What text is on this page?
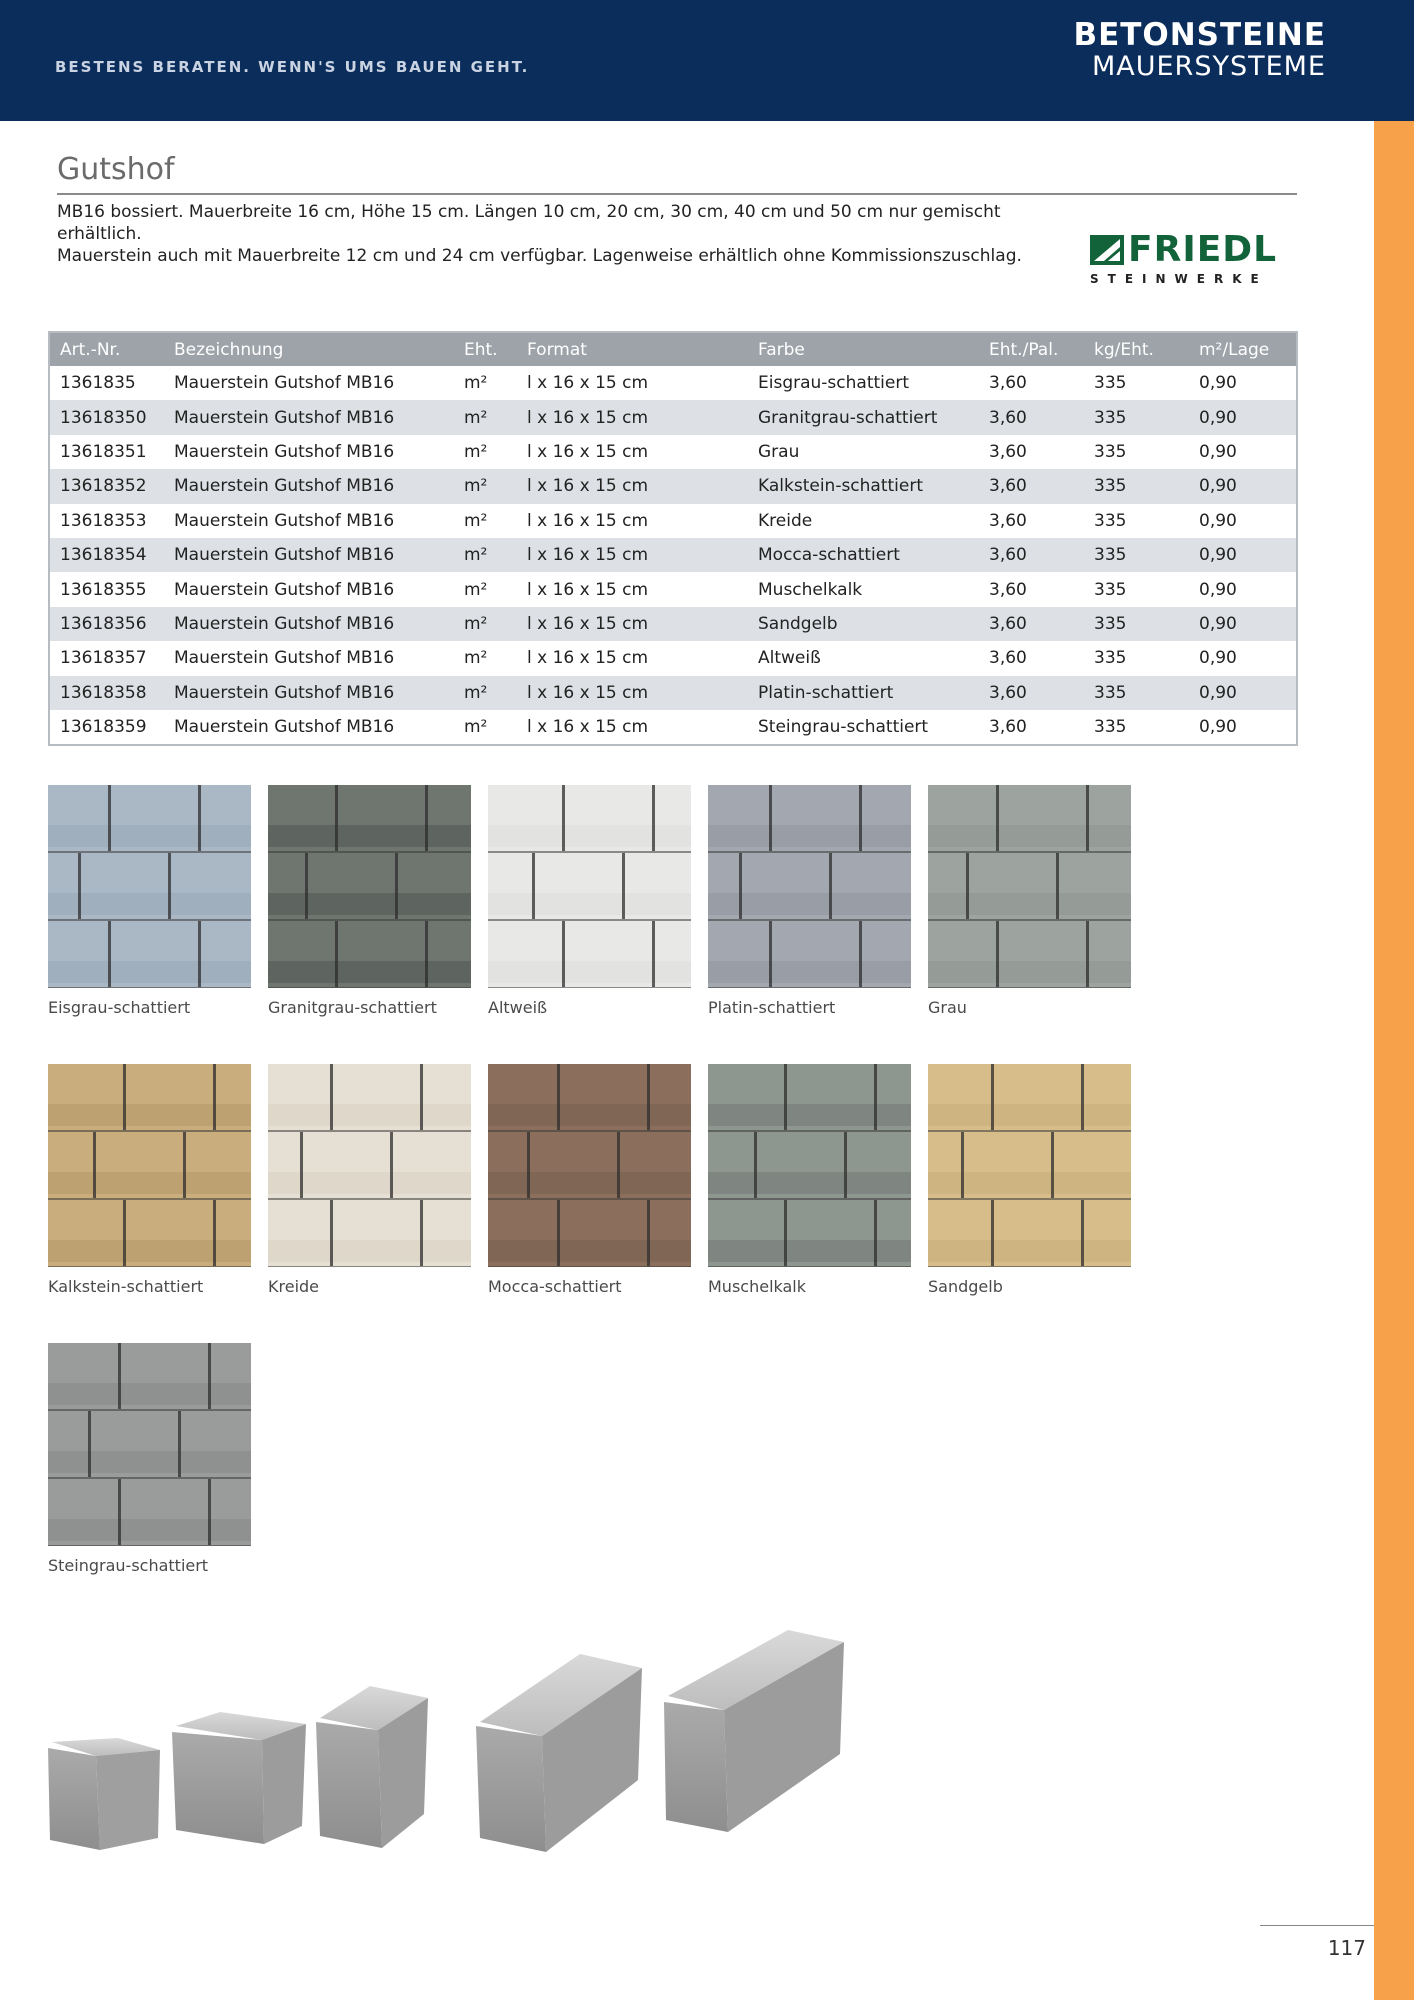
BESTENS BERATEN. WENN'S UMS BAUEN GEHT.
BETONSTEINE
MAUERSYSTEME
Gutshof
MB16 bossiert. Mauerbreite 16 cm, Höhe 15 cm. Längen 10 cm, 20 cm, 30 cm, 40 cm und 50 cm nur gemischt erhältlich.
Mauerstein auch mit Mauerbreite 12 cm und 24 cm verfügbar. Lagenweise erhältlich ohne Kommissionszuschlag.	FRIEDL
STEINWERKE
Art.-Nr.	Bezeichnung	Eht.	Format	Farbe	Eht./Pal.	kg/Eht.	m²/Lage
1361835	Mauerstein Gutshof MB16	m²	l x 16 x 15 cm	Eisgrau-schattiert	3,60	335	0,90
13618350	Mauerstein Gutshof MB16	m²	l x 16 x 15 cm	Granitgrau-schattiert	3,60	335	0,90
13618351	Mauerstein Gutshof MB16	m²	l x 16 x 15 cm	Grau	3,60	335	0,90
13618352	Mauerstein Gutshof MB16	m²	l x 16 x 15 cm	Kalkstein-schattiert	3,60	335	0,90
13618353	Mauerstein Gutshof MB16	m²	l x 16 x 15 cm	Kreide	3,60	335	0,90
13618354	Mauerstein Gutshof MB16	m²	l x 16 x 15 cm	Mocca-schattiert	3,60	335	0,90
13618355	Mauerstein Gutshof MB16	m²	l x 16 x 15 cm	Muschelkalk	3,60	335	0,90
13618356	Mauerstein Gutshof MB16	m²	l x 16 x 15 cm	Sandgelb	3,60	335	0,90
13618357	Mauerstein Gutshof MB16	m²	l x 16 x 15 cm	Altweiß	3,60	335	0,90
13618358	Mauerstein Gutshof MB16	m²	l x 16 x 15 cm	Platin-schattiert	3,60	335	0,90
13618359	Mauerstein Gutshof MB16	m²	l x 16 x 15 cm	Steingrau-schattiert	3,60	335	0,90
Eisgrau-schattiert	Granitgrau-schattiert	Altweiß	Platin-schattiert	Grau
Kalkstein-schattiert	Kreide	Mocca-schattiert	Muschelkalk	Sandgelb
Steingrau-schattiert
117
